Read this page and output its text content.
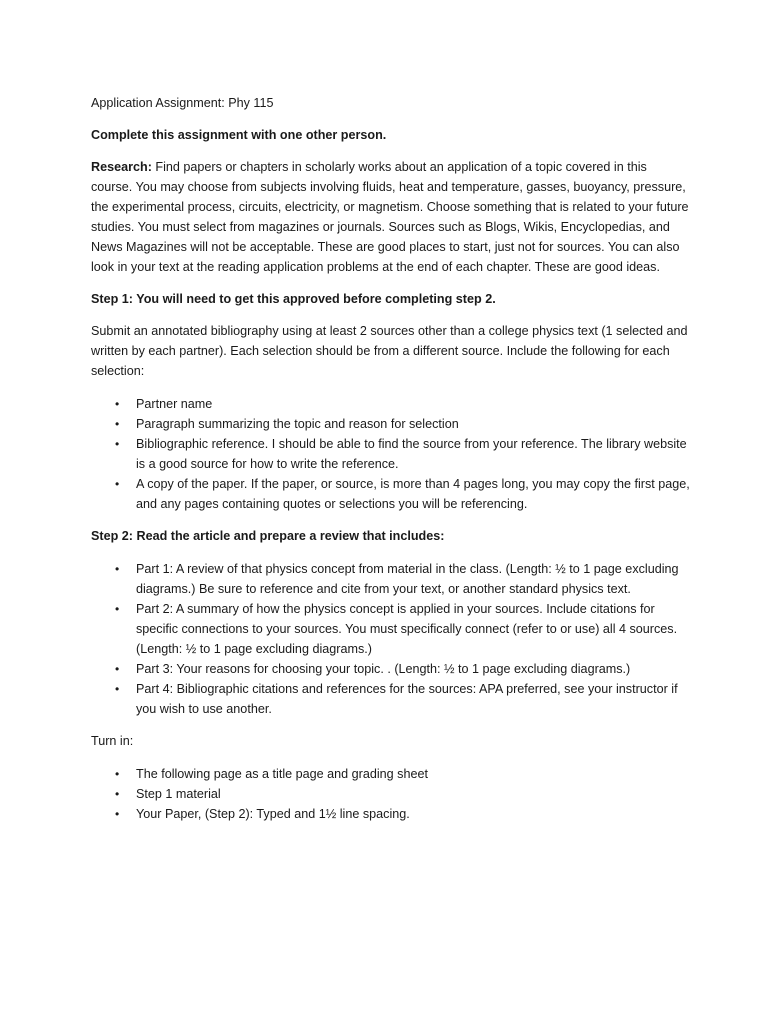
Application Assignment: Phy 115

Complete this assignment with one other person.

Research: Find papers or chapters in scholarly works about an application of a topic covered in this course. You may choose from subjects involving fluids, heat and temperature, gasses, buoyancy, pressure, the experimental process, circuits, electricity, or magnetism. Choose something that is related to your future studies. You must select from magazines or journals. Sources such as Blogs, Wikis, Encyclopedias, and News Magazines will not be acceptable. These are good places to start, just not for sources. You can also look in your text at the reading application problems at the end of each chapter. These are good ideas.

Step 1: You will need to get this approved before completing step 2.

Submit an annotated bibliography using at least 2 sources other than a college physics text (1 selected and written by each partner). Each selection should be from a different source. Include the following for each selection:

• Partner name
• Paragraph summarizing the topic and reason for selection
• Bibliographic reference. I should be able to find the source from your reference. The library website is a good source for how to write the reference.
• A copy of the paper. If the paper, or source, is more than 4 pages long, you may copy the first page, and any pages containing quotes or selections you will be referencing.

Step 2: Read the article and prepare a review that includes:

• Part 1: A review of that physics concept from material in the class. (Length: ½ to 1 page excluding diagrams.) Be sure to reference and cite from your text, or another standard physics text.
• Part 2: A summary of how the physics concept is applied in your sources. Include citations for specific connections to your sources. You must specifically connect (refer to or use) all 4 sources. (Length: ½ to 1 page excluding diagrams.)
• Part 3: Your reasons for choosing your topic. . (Length: ½ to 1 page excluding diagrams.)
• Part 4: Bibliographic citations and references for the sources: APA preferred, see your instructor if you wish to use another.

Turn in:

• The following page as a title page and grading sheet
• Step 1 material
• Your Paper, (Step 2): Typed and 1½ line spacing.
